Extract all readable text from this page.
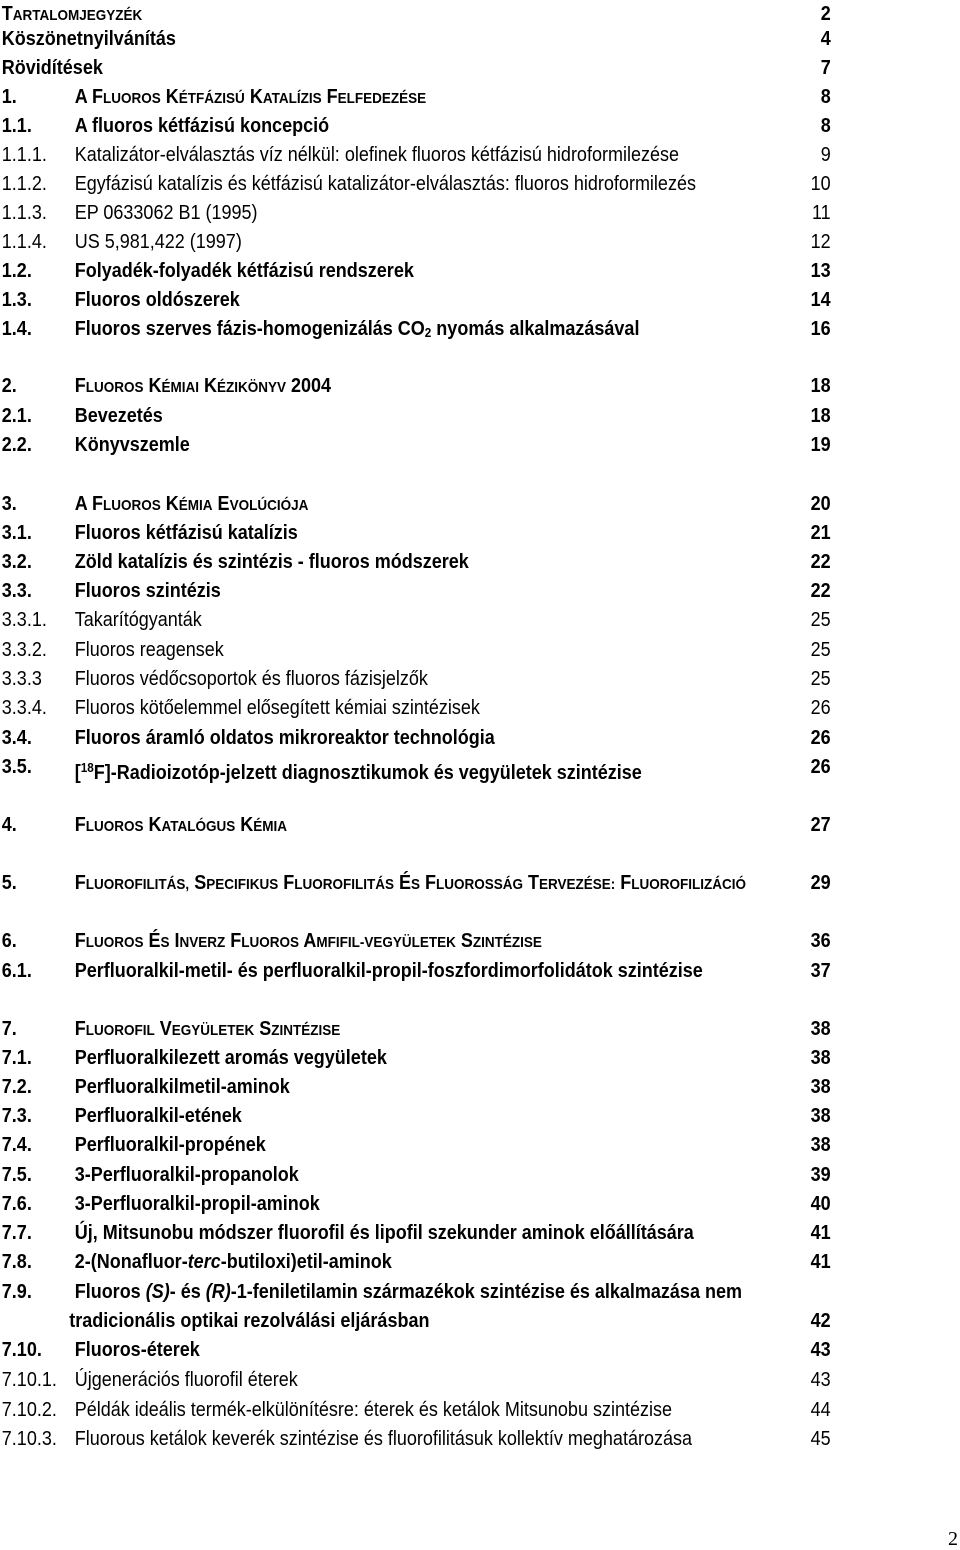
TARTALOMJEGYZÉK	2
Köszönetnyilvánítás	4
Rövidítések	7
1.	A FLUOROS KÉTFÁZISÚ KATALÍZIS FELFEDEZÉSE	8
1.1. A fluoros kétfázisú koncepció	8
1.1.1. Katalizátor-elválasztás víz nélkül: olefinek fluoros kétfázisú hidroformilezése	9
1.1.2. Egyfázisú katalízis és kétfázisú katalizátor-elválasztás: fluoros hidroformilezés	10
1.1.3. EP 0633062 B1 (1995)	11
1.1.4. US 5,981,422 (1997)	12
1.2. Folyadék-folyadék kétfázisú rendszerek	13
1.3. Fluoros oldószerek	14
1.4. Fluoros szerves fázis-homogenizálás $CO_2$ nyomás alkalmazásával	16
2.	FLUOROS KÉMIAI KÉZIKÖNYV 2004	18
2.1. Bevezetés	18
2.2. Könyvszemle	19
3.	A FLUOROS KÉMIA EVOLÚCIÓJA	20
3.1. Fluoros kétfázisú katalízis	21
3.2. Zöld katalízis és szintézis - fluoros módszerek	22
3.3. Fluoros szintézis	22
3.3.1. Takarítógyanták	25
3.3.2. Fluoros reagensek	25
3.3.3 Fluoros védőcsoportok és fluoros fázisjelzők	25
3.3.4. Fluoros kötőelemmel elősegített kémiai szintézisek	26
3.4. Fluoros áramló oldatos mikroreaktor technológia	26
3.5. [$^{18}$F]-Radioizotóp-jelzett diagnosztikumok és vegyületek szintézise	26
4.	FLUOROS KATALÓGUS KÉMIA	27
5.	FLUOROFILITÁS, SPECIFIKUS FLUOROFILITÁS ÉS FLUOROSSÁG TERVEZÉSE: FLUOROFILIZÁCIÓ	29
6.	FLUOROS ÉS INVERZ FLUOROS AMFIFIL-VEGYÜLETEK SZINTÉZISE	36
6.1. Perfluoralkil-metil- és perfluoralkil-propil-foszfordimorfolidátok szintézise	37
7.	FLUOROFIL VEGYÜLETEK SZINTÉZISE	38
7.1. Perfluoralkilezett aromás vegyületek	38
7.2. Perfluoralkilmetil-aminok	38
7.3. Perfluoralkil-etének	38
7.4. Perfluoralkil-propének	38
7.5. 3-Perfluoralkil-propanolok	39
7.6. 3-Perfluoralkil-propil-aminok	40
7.7. Új, Mitsunobu módszer fluorofil és lipofil szekunder aminok előállítására	41
7.8. 2-(Nonafluor-terc-butiloxi)etil-aminok	41
7.9. Fluoros (S)- és (R)-1-feniletilamin származékok szintézise és alkalmazása nem
tradicionális optikai rezolválási eljárásban	42
7.10. Fluoros-éterek	43
7.10.1. Újgenerációs fluorofil éterek	43
7.10.2. Példák ideális termék-elkülönítésre: éterek és ketálok Mitsunobu szintézise	44
7.10.3. Fluorous ketálok keverék szintézise és fluorofilitásuk kollektív meghatározása	45
2
